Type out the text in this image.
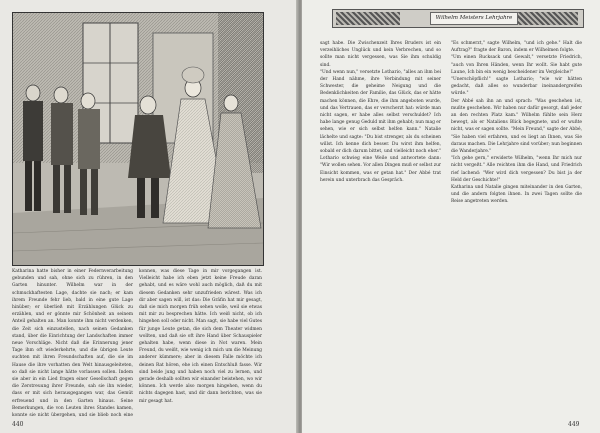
Katharina hatte bisher in einer Federnverarbeitung gebunden und sah, ohne sich zu rühren, in den Garten hinunter. Wilhelm war in der schmuckhaftesten Lage, dachte sie nach; er kam ihrem Freunde fehr lieb, bald in eine gute Lage hinüber; er überließ mit Erzählungen Glück zu erzählen, und er gönnte mir Schönheit an seinem Anteil gehalten an. Man konnte ihm nicht verdenken, die Zeit sich einzustellen, nach seinen Gedanken stand, über die Einrichtung der Landschaften immer neue Vorschläge. Nicht daß die Erinnerung jener Tage ihm oft wiederkehrte, und die übrigen Leute suchten mit ihren Freundschaften auf, die sie im Hause die ihre vorhatten den Welt hinausgeleiteten, so daß sie nicht lange hätte vorlassen sollen. Indem sie aber in ein Lied fragen einer Gesellschaft gegen die Zerstreuung ihrer Freunde, sah sie ihn wieder, dass er mit sich herausgegangen war, das Gemüt erfreuend und in den Garten hinaus. Seine Bemerkungen, die von Leuten ihres Standes kamen, konnte sie nicht übergehen, und sie blieb noch eine
konnen, was diese Tage in mir vorgegangen ist. Vielleicht habe ich eben jetzt keine Freude daran gehabt, und es wäre wohl auch möglich, daß du mit diesem Gedanken sehr unzufrieden wärest. Was ich dir aber sagen will, ist das: Die Gräfin hat mir gesagt, daß sie mich morgen früh sehen wolle, weil sie etwas mit mir zu besprechen hätte. Ich weiß nicht, ob ich hingehen soll oder nicht. Man sagt, sie habe viel Gutes für junge Leute getan, die sich dem Theater widmen wollten, und daß sie oft ihre Hand über Schauspieler gehalten habe, wenn diese in Not waren. Mein Freund, du weißt, wie wenig ich mich um die Meinung anderer kümmere; aber in diesem Falle möchte ich deinen Rat hören, ehe ich einen Entschluß fasse. Wir sind beide jung und haben noch viel zu lernen, und gerade deshalb sollten wir einander beistehen, wo wir können. Ich werde also morgen hingehen, wenn du nichts dagegen hast, und dir dann berichten, was sie mir gesagt hat.
440
Wilhelm Meisters Lehrjahre
sagt habe. Die Zwischenzeit Ihres Bruders ist ein verzeihliches Unglück und kein Verbrechen, und so sollte man nicht vergessen, was Sie ihm schuldig sind.
"Und wenn nun," versetzte Lothario, "alles an ihm bei der Hand nähme, ihre Verbindung mit seiner Schwester, die geheime Neigung und die Bedenklichkeiten der Familie, das Glück, das er hätte machen können, die Ehre, die ihm angeboten wurde, und das Vertrauen, das er verscherzt hat: würde man nicht sagen, er habe alles selbst verschuldet? Ich habe lange genug Geduld mit ihm gehabt; nun mag er sehen, wie er sich selbst helfen kann." Natalie lächelte und sagte: "Du bist strenger, als du scheinen willst. Ich kenne dich besser. Du wirst ihm helfen, sobald er dich darum bittet, und vielleicht noch eher." Lothario schwieg eine Weile und antwortete dann: "Wir wollen sehen. Vor allen Dingen muß er selbst zur Einsicht kommen, was er getan hat." Der Abbé trat herein und unterbrach das Gespräch.
"Es schmerzt," sagte Wilhelm, "und ich gehe." Halt die Auftrag?" fragte der Baron, indem er Wilhelmen folgte.
"Um einen Rucksack und Gewalt," versetzte Friedrich, "auch von Ihren Händen, wenn Ihr wollt. Sie habt gute Laune, Ich bin ein wenig bescheidener im Vergleiche!"
"Unerschöpflich!" sagte Lothario; "wie wir hätten gedacht, daß alles so wunderbar ineinandergreifen würde."
Der Abbé sah ihn an und sprach: "Was geschehen ist, mußte geschehen. Wir haben nur dafür gesorgt, daß jeder an den rechten Platz kam." Wilhelm fühlte sein Herz bewegt, als er Nataliens Blick begegnete, und er wußte nicht, was er sagen sollte. "Mein Freund," sagte der Abbé, "Sie haben viel erfahren, und es liegt an Ihnen, was Sie daraus machen. Die Lehrjahre sind vorüber; nun beginnen die Wanderjahre."
"Ich gehe gern," erwiderte Wilhelm, "wenn Ihr mich nur nicht vergeßt." Alle reichten ihm die Hand, und Friedrich rief lachend: "Wer wird dich vergessen? Du bist ja der Held der Geschichte!"
Katharina und Natalie gingen miteinander in den Garten, und die andern folgten ihnen. In zwei Tagen sollte die Reise angetreten werden.
449
